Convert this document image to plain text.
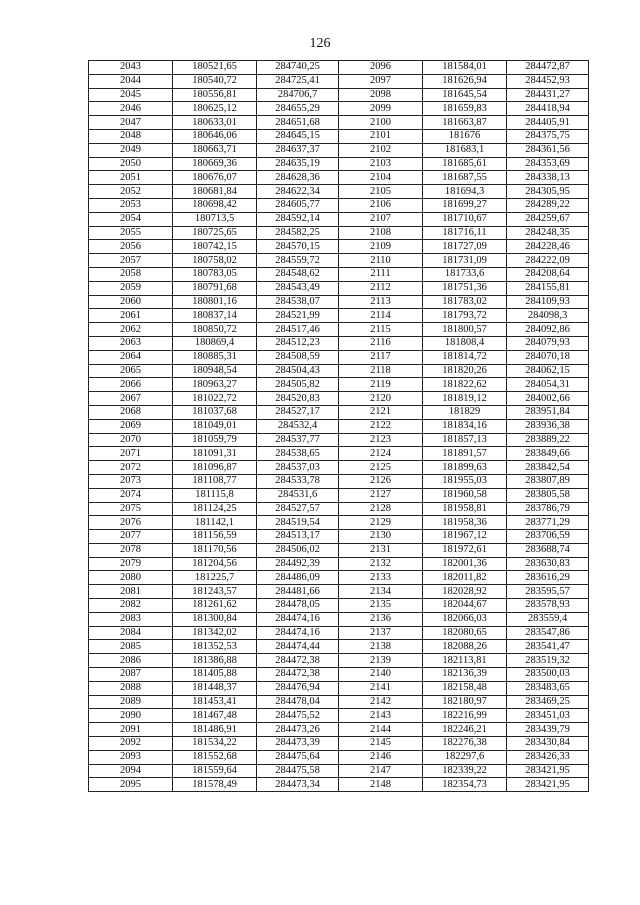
126
2043	180521,65	284740,25	2096	181584,01	284472,87
2044	180540,72	284725,41	2097	181626,94	284452,93
2045	180556,81	284706,7	2098	181645,54	284431,27
2046	180625,12	284655,29	2099	181659,83	284418,94
2047	180633,01	284651,68	2100	181663,87	284405,91
2048	180646,06	284645,15	2101	181676	284375,75
2049	180663,71	284637,37	2102	181683,1	284361,56
2050	180669,36	284635,19	2103	181685,61	284353,69
2051	180676,07	284628,36	2104	181687,55	284338,13
2052	180681,84	284622,34	2105	181694,3	284305,95
2053	180698,42	284605,77	2106	181699,27	284289,22
2054	180713,5	284592,14	2107	181710,67	284259,67
2055	180725,65	284582,25	2108	181716,11	284248,35
2056	180742,15	284570,15	2109	181727,09	284228,46
2057	180758,02	284559,72	2110	181731,09	284222,09
2058	180783,05	284548,62	2111	181733,6	284208,64
2059	180791,68	284543,49	2112	181751,36	284155,81
2060	180801,16	284538,07	2113	181783,02	284109,93
2061	180837,14	284521,99	2114	181793,72	284098,3
2062	180850,72	284517,46	2115	181800,57	284092,86
2063	180869,4	284512,23	2116	181808,4	284079,93
2064	180885,31	284508,59	2117	181814,72	284070,18
2065	180948,54	284504,43	2118	181820,26	284062,15
2066	180963,27	284505,82	2119	181822,62	284054,31
2067	181022,72	284520,83	2120	181819,12	284002,66
2068	181037,68	284527,17	2121	181829	283951,84
2069	181049,01	284532,4	2122	181834,16	283936,38
2070	181059,79	284537,77	2123	181857,13	283889,22
2071	181091,31	284538,65	2124	181891,57	283849,66
2072	181096,87	284537,03	2125	181899,63	283842,54
2073	181108,77	284533,78	2126	181955,03	283807,89
2074	181115,8	284531,6	2127	181960,58	283805,58
2075	181124,25	284527,57	2128	181958,81	283786,79
2076	181142,1	284519,54	2129	181958,36	283771,29
2077	181156,59	284513,17	2130	181967,12	283706,59
2078	181170,56	284506,02	2131	181972,61	283688,74
2079	181204,56	284492,39	2132	182001,36	283630,83
2080	181225,7	284486,09	2133	182011,82	283616,29
2081	181243,57	284481,66	2134	182028,92	283595,57
2082	181261,62	284478,05	2135	182044,67	283578,93
2083	181300,84	284474,16	2136	182066,03	283559,4
2084	181342,02	284474,16	2137	182080,65	283547,86
2085	181352,53	284474,44	2138	182088,26	283541,47
2086	181386,88	284472,38	2139	182113,81	283519,32
2087	181405,88	284472,38	2140	182136,39	283500,03
2088	181448,37	284476,94	2141	182158,48	283483,65
2089	181453,41	284478,04	2142	182180,97	283469,25
2090	181467,48	284475,52	2143	182216,99	283451,03
2091	181486,91	284473,26	2144	182246,21	283439,79
2092	181534,22	284473,39	2145	182276,38	283430,84
2093	181552,68	284475,64	2146	182297,6	283426,33
2094	181559,64	284475,58	2147	182339,22	283421,95
2095	181578,49	284473,34	2148	182354,73	283421,95
